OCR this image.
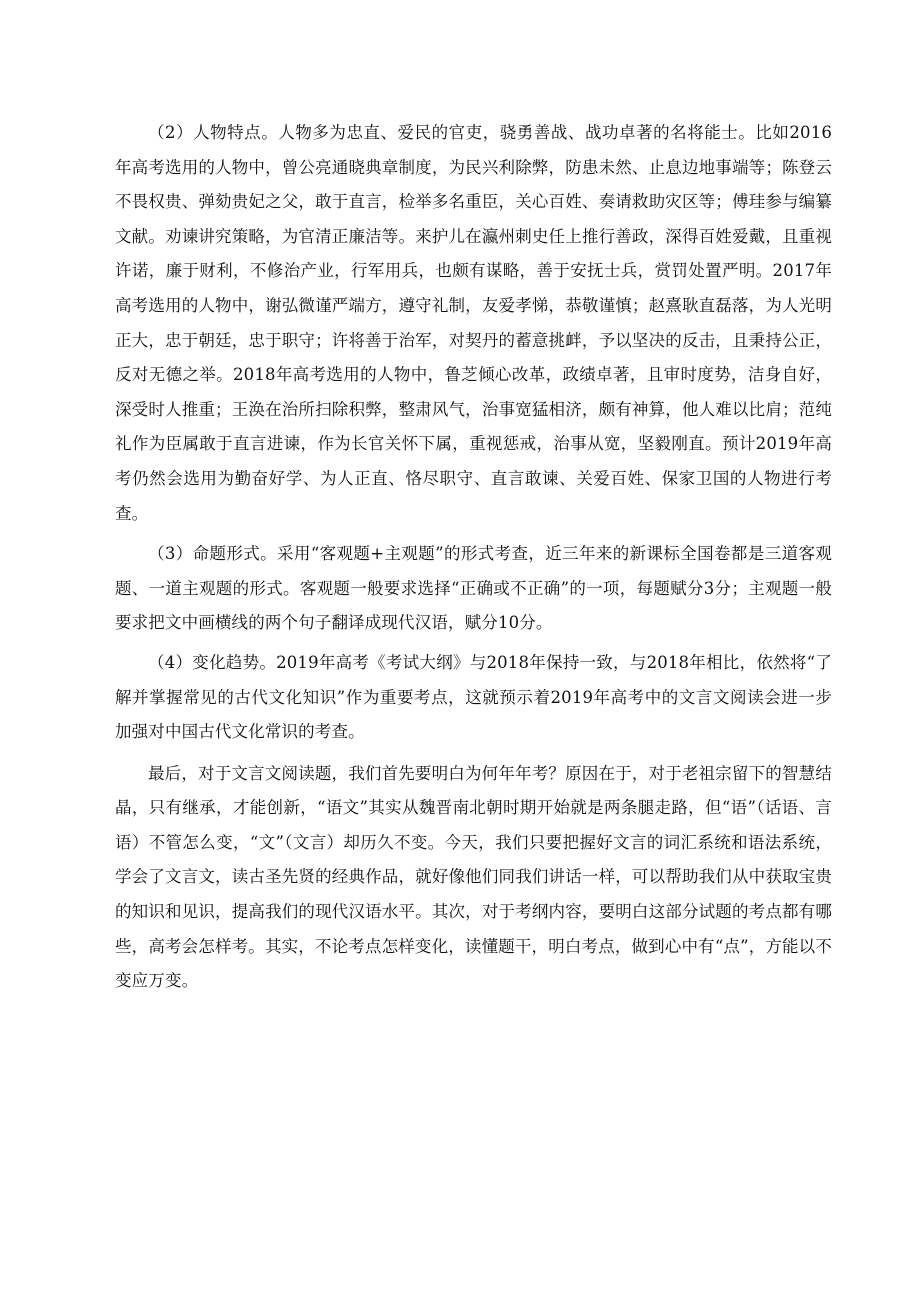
（2）人物特点。人物多为忠直、爱民的官吏，骁勇善战、战功卓著的名将能士。比如2016年高考选用的人物中，曾公亮通晓典章制度，为民兴利除弊，防患未然、止息边地事端等；陈登云不畏权贵、弹劾贵妃之父，敢于直言，检举多名重臣，关心百姓、奏请救助灾区等；傅珪参与编纂文献。劝谏讲究策略，为官清正廉洁等。来护儿在瀛州刺史任上推行善政，深得百姓爱戴，且重视许诺，廉于财利，不修治产业，行军用兵，也颇有谋略，善于安抚士兵，赏罚处置严明。2017年高考选用的人物中，谢弘微谨严端方，遵守礼制，友爱孝悌，恭敬谨慎；赵熹耿直磊落，为人光明正大，忠于朝廷，忠于职守；许将善于治军，对契丹的蓄意挑衅，予以坚决的反击，且秉持公正，反对无德之举。2018年高考选用的人物中，鲁芝倾心改革，政绩卓著，且审时度势，洁身自好，深受时人推重；王涣在治所扫除积弊，整肃风气，治事宽猛相济，颇有神算，他人难以比肩；范纯礼作为臣属敢于直言进谏，作为长官关怀下属，重视惩戒，治事从宽，坚毅刚直。预计2019年高考仍然会选用为勤奋好学、为人正直、恪尽职守、直言敢谏、关爱百姓、保家卫国的人物进行考查。

（3）命题形式。采用“客观题+主观题”的形式考查，近三年来的新课标全国卷都是三道客观题、一道主观题的形式。客观题一般要求选择“正确或不正确”的一项，每题赋分3分；主观题一般要求把文中画横线的两个句子翻译成现代汉语，赋分10分。

（4）变化趋势。2019年高考《考试大纲》与2018年保持一致，与2018年相比，依然将“了解并掌握常见的古代文化知识”作为重要考点，这就预示着2019年高考中的文言文阅读会进一步加强对中国古代文化常识的考查。

最后，对于文言文阅读题，我们首先要明白为何年年考？原因在于，对于老祖宗留下的智慧结晶，只有继承，才能创新，“语文”其实从魏晋南北朝时期开始就是两条腿走路，但“语”（话语、言语）不管怎么变，“文”（文言）却历久不变。今天，我们只要把握好文言的词汇系统和语法系统，学会了文言文，读古圣先贤的经典作品，就好像他们同我们讲话一样，可以帮助我们从中获取宝贵的知识和见识，提高我们的现代汉语水平。其次，对于考纲内容，要明白这部分试题的考点都有哪些，高考会怎样考。其实，不论考点怎样变化，读懂题干，明白考点，做到心中有“点”，方能以不变应万变。
